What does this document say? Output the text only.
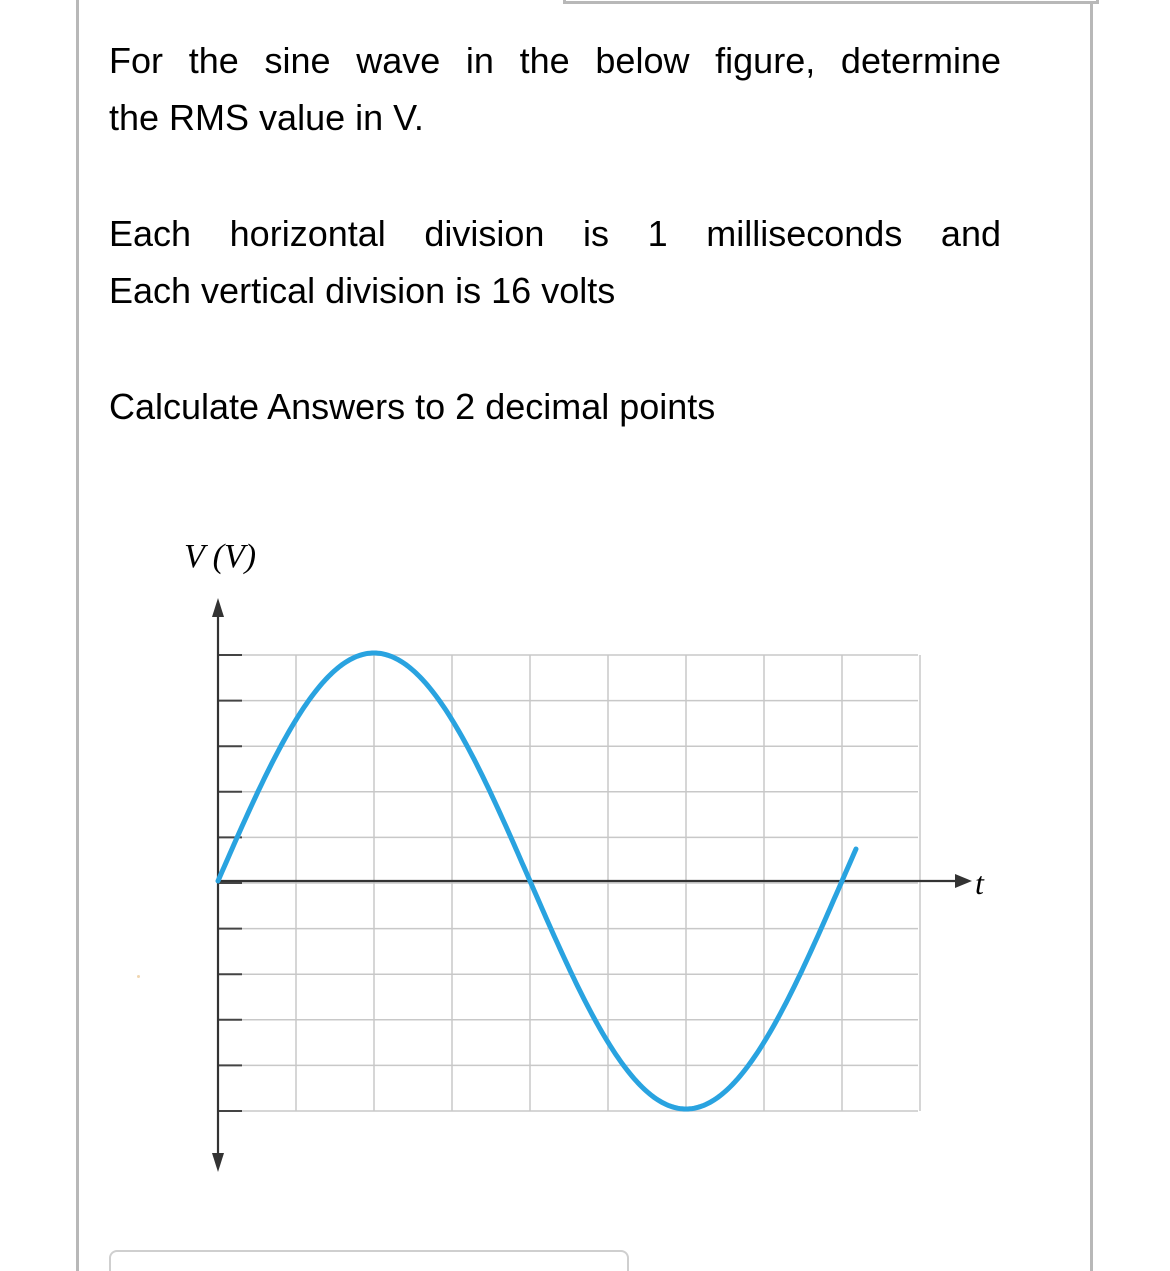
For the sine wave in the below figure, determine

the RMS value in V.

Each horizontal division is 1 milliseconds and

Each vertical division is 16 volts

Calculate Answers to 2 decimal points

V (V)
t
